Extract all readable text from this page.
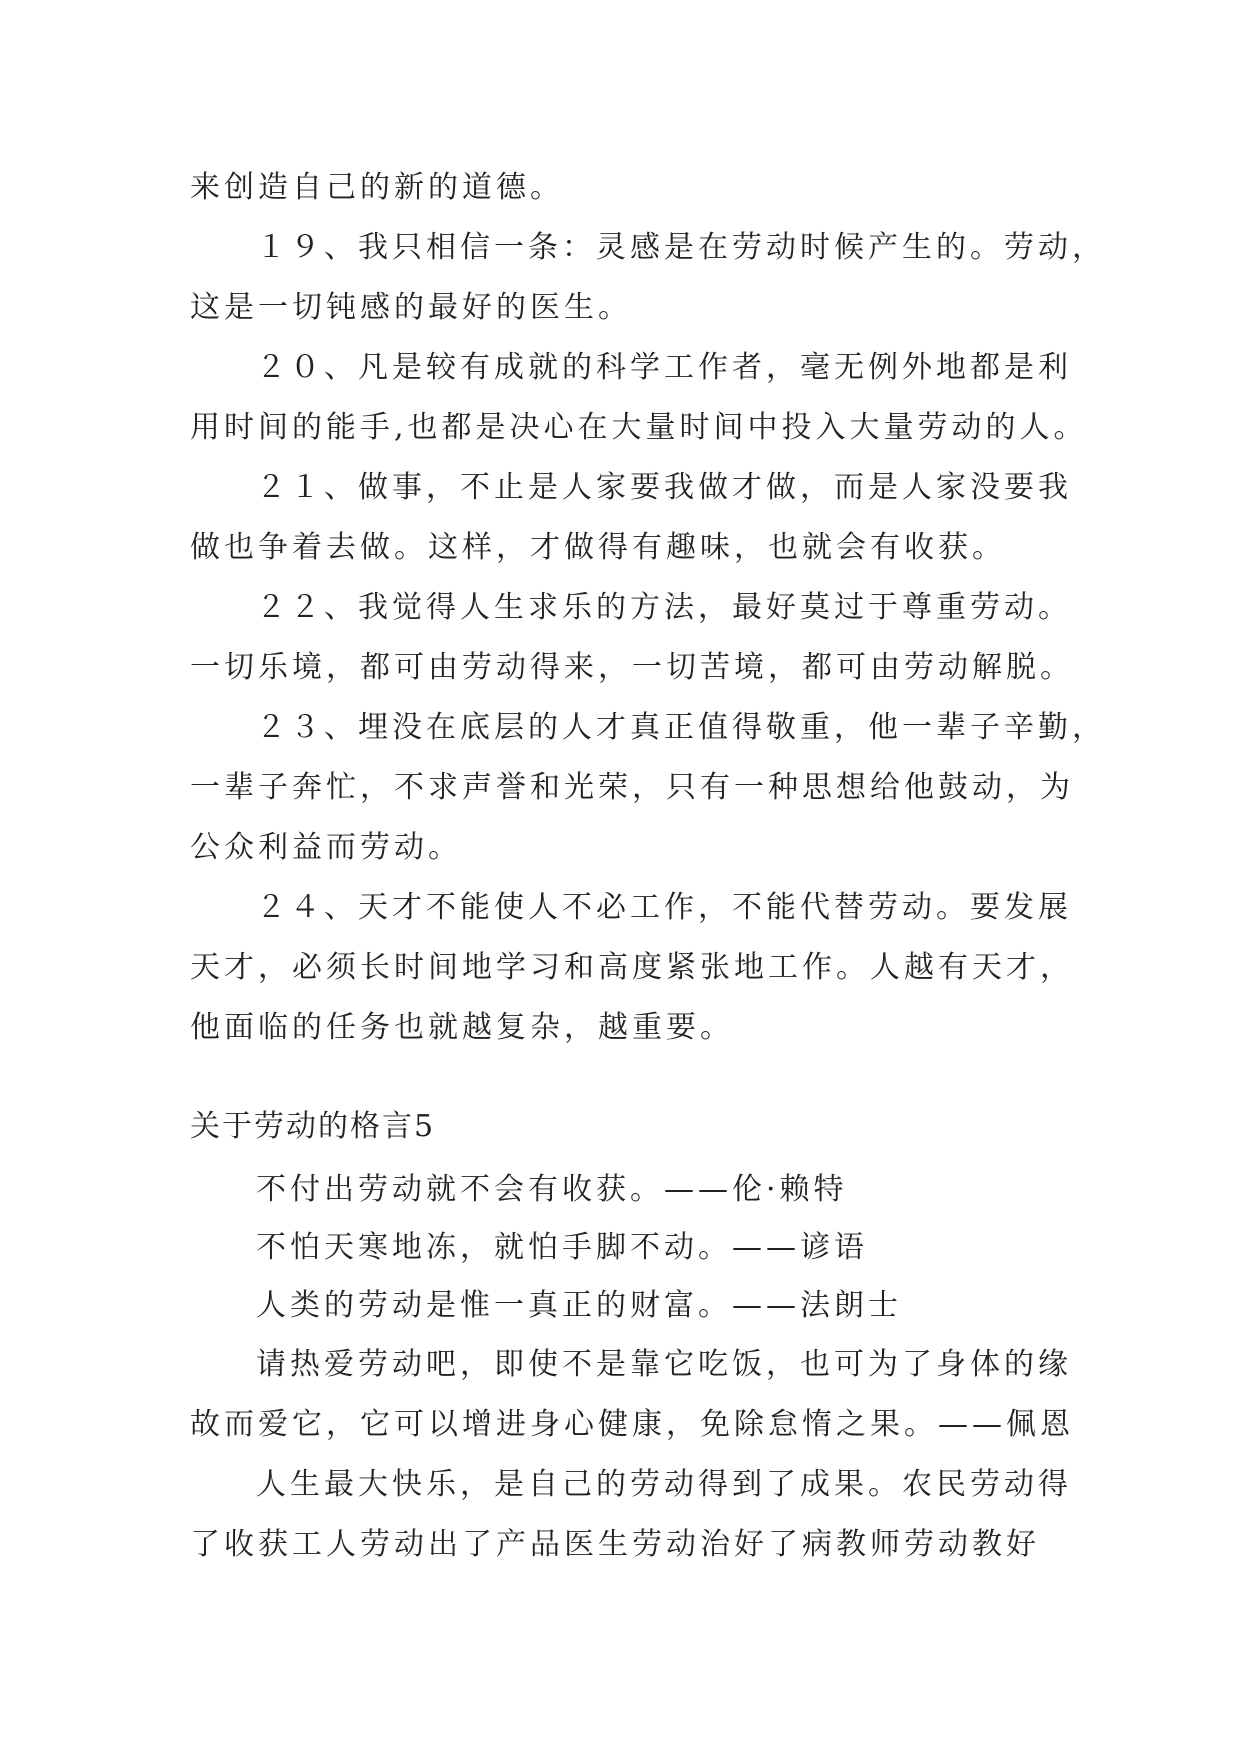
来创造自己的新的道德。
１９、我只相信一条：灵感是在劳动时候产生的。劳动，
这是一切钝感的最好的医生。
２０、凡是较有成就的科学工作者，毫无例外地都是利
用时间的能手,也都是决心在大量时间中投入大量劳动的人。
２１、做事，不止是人家要我做才做，而是人家没要我
做也争着去做。这样，才做得有趣味，也就会有收获。
２２、我觉得人生求乐的方法，最好莫过于尊重劳动。
一切乐境，都可由劳动得来，一切苦境，都可由劳动解脱。
２３、埋没在底层的人才真正值得敬重，他一辈子辛勤，
一辈子奔忙，不求声誉和光荣，只有一种思想给他鼓动，为
公众利益而劳动。
２４、天才不能使人不必工作，不能代替劳动。要发展
天才，必须长时间地学习和高度紧张地工作。人越有天才，
他面临的任务也就越复杂，越重要。
关于劳动的格言5
不付出劳动就不会有收获。——伦·赖特
不怕天寒地冻，就怕手脚不动。——谚语
人类的劳动是惟一真正的财富。——法朗士
请热爱劳动吧，即使不是靠它吃饭，也可为了身体的缘
故而爱它，它可以增进身心健康，免除怠惰之果。——佩恩
人生最大快乐，是自己的劳动得到了成果。农民劳动得
了收获工人劳动出了产品医生劳动治好了病教师劳动教好
